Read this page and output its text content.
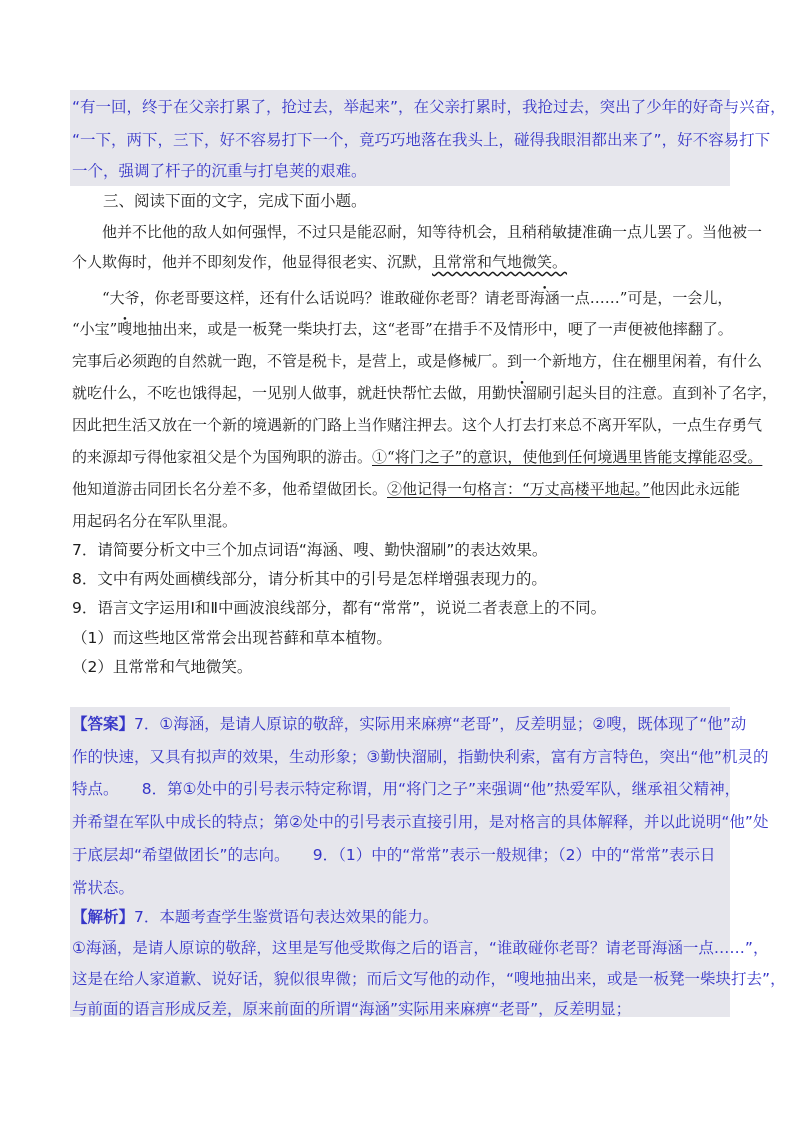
“有一回，终于在父亲打累了，抢过去，举起来”，在父亲打累时，我抢过去，突出了少年的好奇与兴奋，
“一下，两下，三下，好不容易打下一个，竟巧巧地落在我头上，碰得我眼泪都出来了”，好不容易打下
一个，强调了杆子的沉重与打皂荚的艰难。
三、阅读下面的文字，完成下面小题。
他并不比他的敌人如何强悍，不过只是能忍耐，知等待机会，且稍稍敏捷准确一点儿罢了。当他被一
个人欺侮时，他并不即刻发作，他显得很老实、沉默，且常常和气地微笑。
“大爷，你老哥要这样，还有什么话说吗？谁敢碰你老哥？请老哥海涵一点……”可是，一会儿，
“小宝”嗖地抽出来，或是一板凳一柴块打去，这“老哥”在措手不及情形中，哽了一声便被他摔翻了。
完事后必须跑的自然就一跑，不管是税卡，是营上，或是修械厂。到一个新地方，住在棚里闲着，有什么
就吃什么，不吃也饿得起，一见别人做事，就赶快帮忙去做，用勤快溜刷引起头目的注意。直到补了名字，
因此把生活又放在一个新的境遇新的门路上当作赌注押去。这个人打去打来总不离开军队，一点生存勇气
的来源却亏得他家祖父是个为国殉职的游击。①“将门之子”的意识，使他到任何境遇里皆能支撑能忍受。
他知道游击同团长名分差不多，他希望做团长。②他记得一句格言：“万丈高楼平地起。”他因此永远能
用起码名分在军队里混。
7．请简要分析文中三个加点词语“海涵、嗖、勤快溜刷”的表达效果。
8．文中有两处画横线部分，请分析其中的引号是怎样增强表现力的。
9．语言文字运用Ⅰ和Ⅱ中画波浪线部分，都有“常常”，说说二者表意上的不同。
（1）而这些地区常常会出现苔藓和草本植物。
（2）且常常和气地微笑。
【答案】7．①海涵，是请人原谅的敬辞，实际用来麻痹“老哥”，反差明显；②嗖，既体现了“他”动
作的快速，又具有拟声的效果，生动形象；③勤快溜刷，指勤快利索，富有方言特色，突出“他”机灵的
特点。　　8．第①处中的引号表示特定称谓，用“将门之子”来强调“他”热爱军队，继承祖父精神，
并希望在军队中成长的特点；第②处中的引号表示直接引用，是对格言的具体解释，并以此说明“他”处
于底层却“希望做团长”的志向。　　9．（1）中的“常常”表示一般规律；（2）中的“常常”表示日
常状态。
【解析】7．本题考查学生鉴赏语句表达效果的能力。
①海涵，是请人原谅的敬辞，这里是写他受欺侮之后的语言，“谁敢碰你老哥？请老哥海涵一点……”，
这是在给人家道歉、说好话，貌似很卑微；而后文写他的动作，“嗖地抽出来，或是一板凳一柴块打去”，
与前面的语言形成反差，原来前面的所谓“海涵”实际用来麻痹“老哥”，反差明显；
